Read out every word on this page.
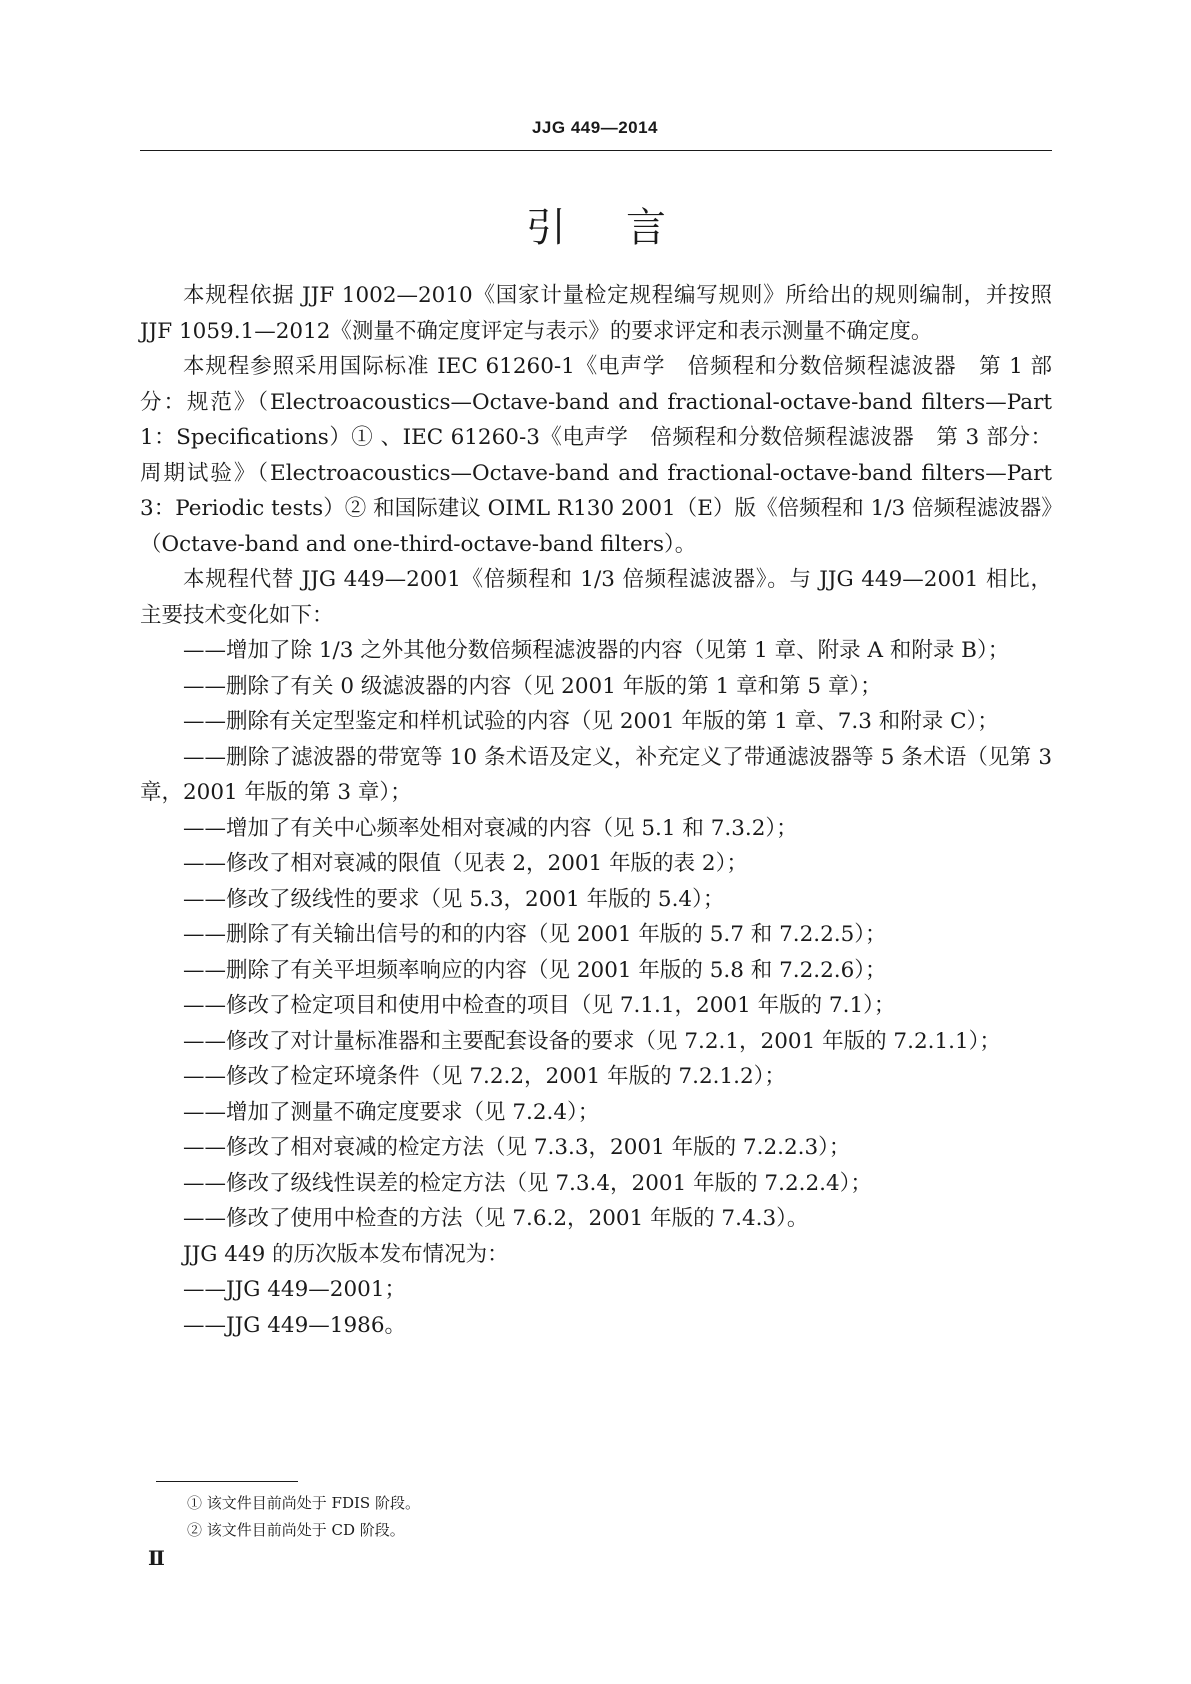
JJG 449—2014
引言

本规程依据 JJF 1002—2010《国家计量检定规程编写规则》所给出的规则编制，并按照 JJF 1059.1—2012《测量不确定度评定与表示》的要求评定和表示测量不确定度。

本规程参照采用国际标准 IEC 61260-1《电声学　倍频程和分数倍频程滤波器　第 1 部分：规范》（Electroacoustics—Octave-band and fractional-octave-band filters—Part 1：Specifications）① 、IEC 61260-3《电声学　倍频程和分数倍频程滤波器　第 3 部分：周期试验》（Electroacoustics—Octave-band and fractional-octave-band filters—Part 3：Periodic tests）② 和国际建议 OIML R130 2001（E）版《倍频程和 1/3 倍频程滤波器》（Octave-band and one-third-octave-band filters）。

本规程代替 JJG 449—2001《倍频程和 1/3 倍频程滤波器》。与 JJG 449—2001 相比，主要技术变化如下：

——增加了除 1/3 之外其他分数倍频程滤波器的内容（见第 1 章、附录 A 和附录 B）；

——删除了有关 0 级滤波器的内容（见 2001 年版的第 1 章和第 5 章）；

——删除有关定型鉴定和样机试验的内容（见 2001 年版的第 1 章、7.3 和附录 C）；

——删除了滤波器的带宽等 10 条术语及定义，补充定义了带通滤波器等 5 条术语（见第 3 章，2001 年版的第 3 章）；

——增加了有关中心频率处相对衰减的内容（见 5.1 和 7.3.2）；

——修改了相对衰减的限值（见表 2，2001 年版的表 2）；

——修改了级线性的要求（见 5.3，2001 年版的 5.4）；

——删除了有关输出信号的和的内容（见 2001 年版的 5.7 和 7.2.2.5）；

——删除了有关平坦频率响应的内容（见 2001 年版的 5.8 和 7.2.2.6）；

——修改了检定项目和使用中检查的项目（见 7.1.1，2001 年版的 7.1）；

——修改了对计量标准器和主要配套设备的要求（见 7.2.1，2001 年版的 7.2.1.1）；

——修改了检定环境条件（见 7.2.2，2001 年版的 7.2.1.2）；

——增加了测量不确定度要求（见 7.2.4）；

——修改了相对衰减的检定方法（见 7.3.3，2001 年版的 7.2.2.3）；

——修改了级线性误差的检定方法（见 7.3.4，2001 年版的 7.2.2.4）；

——修改了使用中检查的方法（见 7.6.2，2001 年版的 7.4.3）。

JJG 449 的历次版本发布情况为：

——JJG 449—2001；

——JJG 449—1986。

① 该文件目前尚处于 FDIS 阶段。
② 该文件目前尚处于 CD 阶段。
Ⅱ
